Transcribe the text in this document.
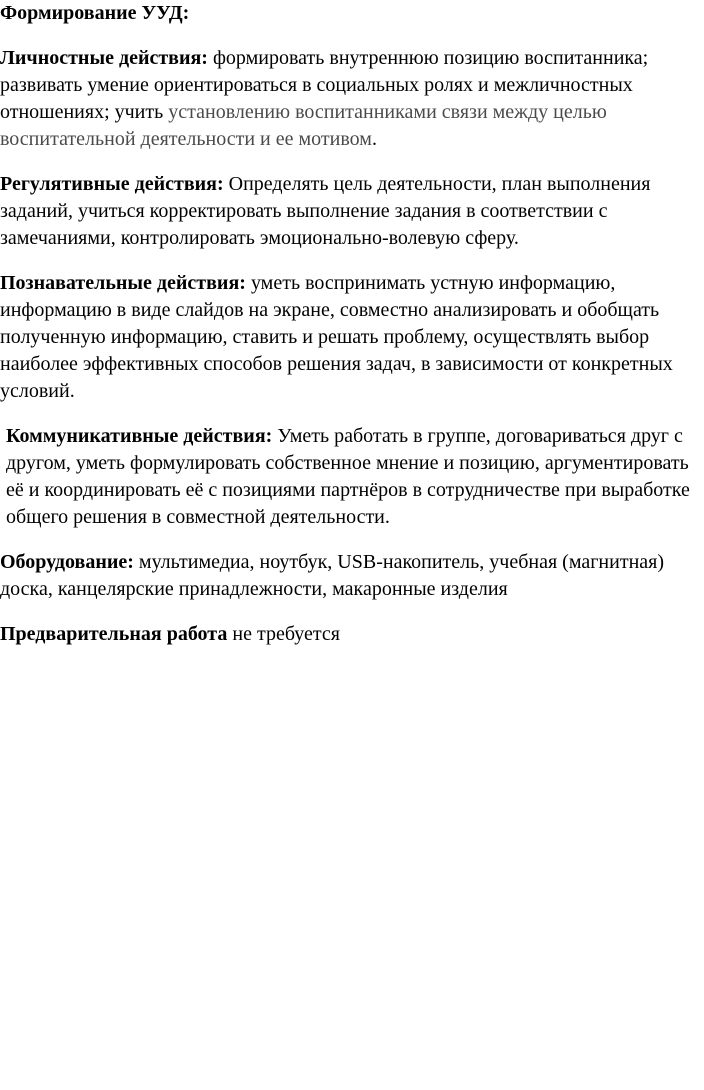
Формирование УУД:

Личностные действия: формировать внутреннюю позицию воспитанника; развивать умение ориентироваться в социальных ролях и межличностных отношениях; учить установлению воспитанниками связи между целью воспитательной деятельности и ее мотивом.

Регулятивные действия: Определять цель деятельности, план выполнения заданий, учиться корректировать выполнение задания в соответствии с замечаниями, контролировать эмоционально-волевую сферу.

Познавательные действия: уметь воспринимать устную информацию, информацию в виде слайдов на экране, совместно анализировать и обобщать полученную информацию, ставить и решать проблему, осуществлять выбор наиболее эффективных способов решения задач, в зависимости от конкретных условий.

Коммуникативные действия: Уметь работать в группе, договариваться друг с другом, уметь формулировать собственное мнение и позицию, аргументировать её и координировать её с позициями партнёров в сотрудничестве при выработке общего решения в совместной деятельности.

Оборудование: мультимедиа, ноутбук, USB-накопитель, учебная (магнитная) доска, канцелярские принадлежности, макаронные изделия

Предварительная работа не требуется
